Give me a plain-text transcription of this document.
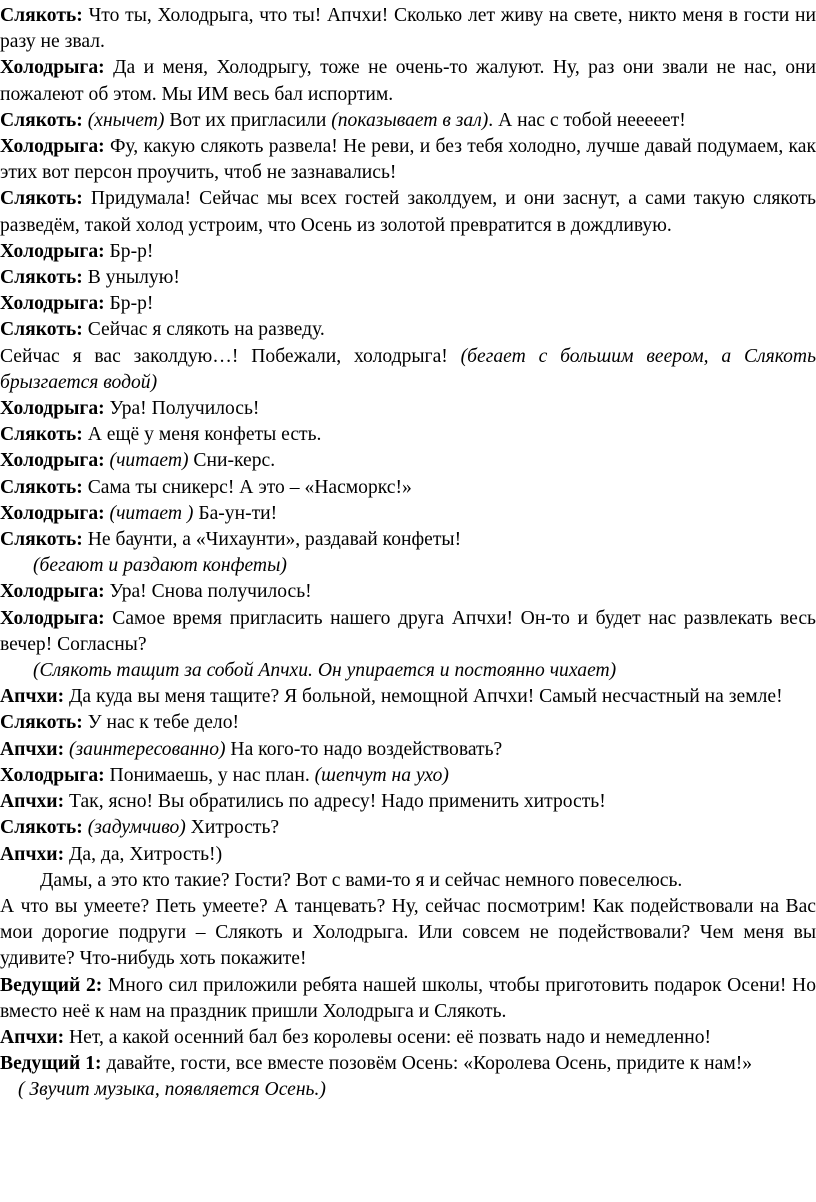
Слякоть: Что ты, Холодрыга, что ты! Апчхи! Сколько лет живу на свете, никто меня в гости ни разу не звал.

Холодрыга: Да и меня, Холодрыгу, тоже не очень-то жалуют. Ну, раз они звали не нас, они пожалеют об этом. Мы ИМ весь бал испортим.

Слякоть: (хнычет) Вот их пригласили (показывает в зал). А нас с тобой нееееет!

Холодрыга: Фу, какую слякоть развела! Не реви, и без тебя холодно, лучше давай подумаем, как этих вот персон проучить, чтоб не зазнавались!

Слякоть: Придумала! Сейчас мы всех гостей заколдуем, и они заснут, а сами такую слякоть разведём, такой холод устроим, что Осень из золотой превратится в дождливую.

Холодрыга: Бр-р!

Слякоть: В унылую!

Холодрыга: Бр-р!

Слякоть: Сейчас я слякоть на разведу.

Сейчас я вас заколдую…! Побежали, холодрыга! (бегает с большим веером, а Слякоть брызгается водой)

Холодрыга: Ура! Получилось!

Слякоть: А ещё у меня конфеты есть.

Холодрыга: (читает) Сни-керс.

Слякоть: Сама ты сникерс! А это – «Насморкс!»

Холодрыга: (читает ) Ба-ун-ти!

Слякоть: Не баунти, а «Чихаунти», раздавай конфеты!

(бегают и раздают конфеты)

Холодрыга: Ура! Снова получилось!

Холодрыга: Самое время пригласить нашего друга Апчхи! Он-то и будет нас развлекать весь вечер! Согласны?

(Слякоть тащит за собой Апчхи. Он упирается и постоянно чихает)

Апчхи: Да куда вы меня тащите? Я больной, немощной Апчхи! Самый несчастный на земле!

Слякоть: У нас к тебе дело!

Апчхи: (заинтересованно) На кого-то надо воздействовать?

Холодрыга: Понимаешь, у нас план. (шепчут на ухо)

Апчхи: Так, ясно! Вы обратились по адресу! Надо применить хитрость!

Слякоть: (задумчиво) Хитрость?

Апчхи: Да, да, Хитрость!)

Дамы, а это кто такие? Гости? Вот с вами-то я и сейчас немного повеселюсь.

А что вы умеете? Петь умеете? А танцевать? Ну, сейчас посмотрим! Как подействовали на Вас мои дорогие подруги – Слякоть и Холодрыга. Или совсем не подействовали? Чем меня вы удивите? Что-нибудь хоть покажите!

Ведущий 2: Много сил приложили ребята нашей школы, чтобы приготовить подарок Осени! Но вместо неё к нам на праздник пришли Холодрыга и Слякоть.

Апчхи: Нет, а какой осенний бал без королевы осени: её позвать надо и немедленно!

Ведущий 1: давайте, гости, все вместе позовём Осень: «Королева Осень, придите к нам!»

( Звучит музыка, появляется Осень.)
